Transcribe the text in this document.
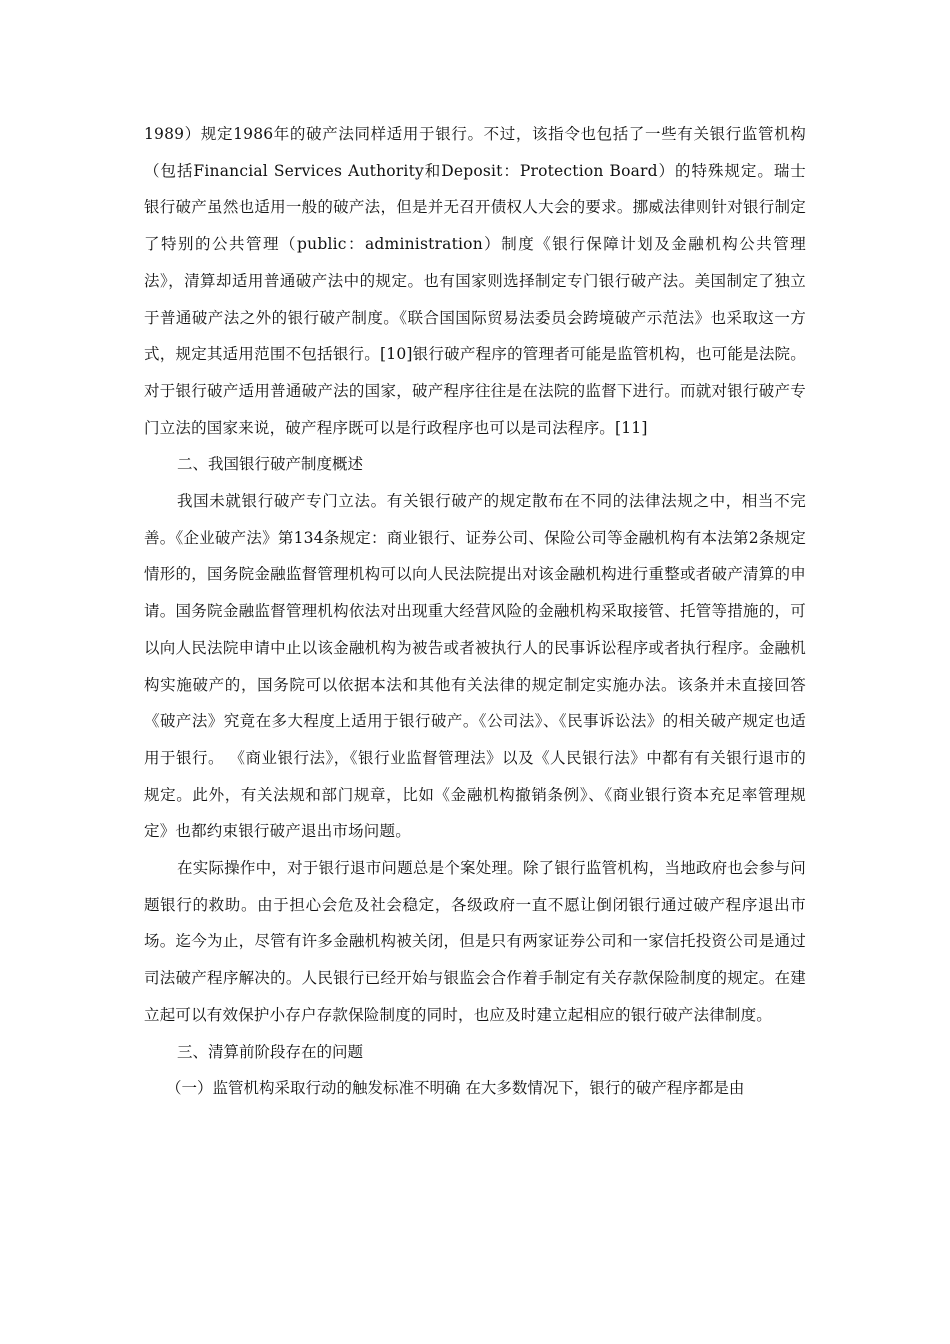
1989）规定1986年的破产法同样适用于银行。不过，该指令也包括了一些有关银行监管机构（包括Financial Services Authority和Deposit：Protection Board）的特殊规定。瑞士银行破产虽然也适用一般的破产法，但是并无召开债权人大会的要求。挪威法律则针对银行制定了特别的公共管理（public：administration）制度《银行保障计划及金融机构公共管理法》，清算却适用普通破产法中的规定。也有国家则选择制定专门银行破产法。美国制定了独立于普通破产法之外的银行破产制度。《联合国国际贸易法委员会跨境破产示范法》也采取这一方式，规定其适用范围不包括银行。[10]银行破产程序的管理者可能是监管机构，也可能是法院。对于银行破产适用普通破产法的国家，破产程序往往是在法院的监督下进行。而就对银行破产专门立法的国家来说，破产程序既可以是行政程序也可以是司法程序。[11]

二、我国银行破产制度概述

我国未就银行破产专门立法。有关银行破产的规定散布在不同的法律法规之中，相当不完善。《企业破产法》第134条规定：商业银行、证券公司、保险公司等金融机构有本法第2条规定情形的，国务院金融监督管理机构可以向人民法院提出对该金融机构进行重整或者破产清算的申请。国务院金融监督管理机构依法对出现重大经营风险的金融机构采取接管、托管等措施的，可以向人民法院申请中止以该金融机构为被告或者被执行人的民事诉讼程序或者执行程序。金融机构实施破产的，国务院可以依据本法和其他有关法律的规定制定实施办法。该条并未直接回答《破产法》究竟在多大程度上适用于银行破产。《公司法》、《民事诉讼法》的相关破产规定也适用于银行。 《商业银行法》，《银行业监督管理法》以及《人民银行法》中都有有关银行退市的规定。此外，有关法规和部门规章，比如《金融机构撤销条例》、《商业银行资本充足率管理规定》也都约束银行破产退出市场问题。

在实际操作中，对于银行退市问题总是个案处理。除了银行监管机构，当地政府也会参与问题银行的救助。由于担心会危及社会稳定，各级政府一直不愿让倒闭银行通过破产程序退出市场。迄今为止，尽管有许多金融机构被关闭，但是只有两家证券公司和一家信托投资公司是通过司法破产程序解决的。人民银行已经开始与银监会合作着手制定有关存款保险制度的规定。在建立起可以有效保护小存户存款保险制度的同时，也应及时建立起相应的银行破产法律制度。

三、清算前阶段存在的问题

（一）监管机构采取行动的触发标准不明确 在大多数情况下，银行的破产程序都是由
